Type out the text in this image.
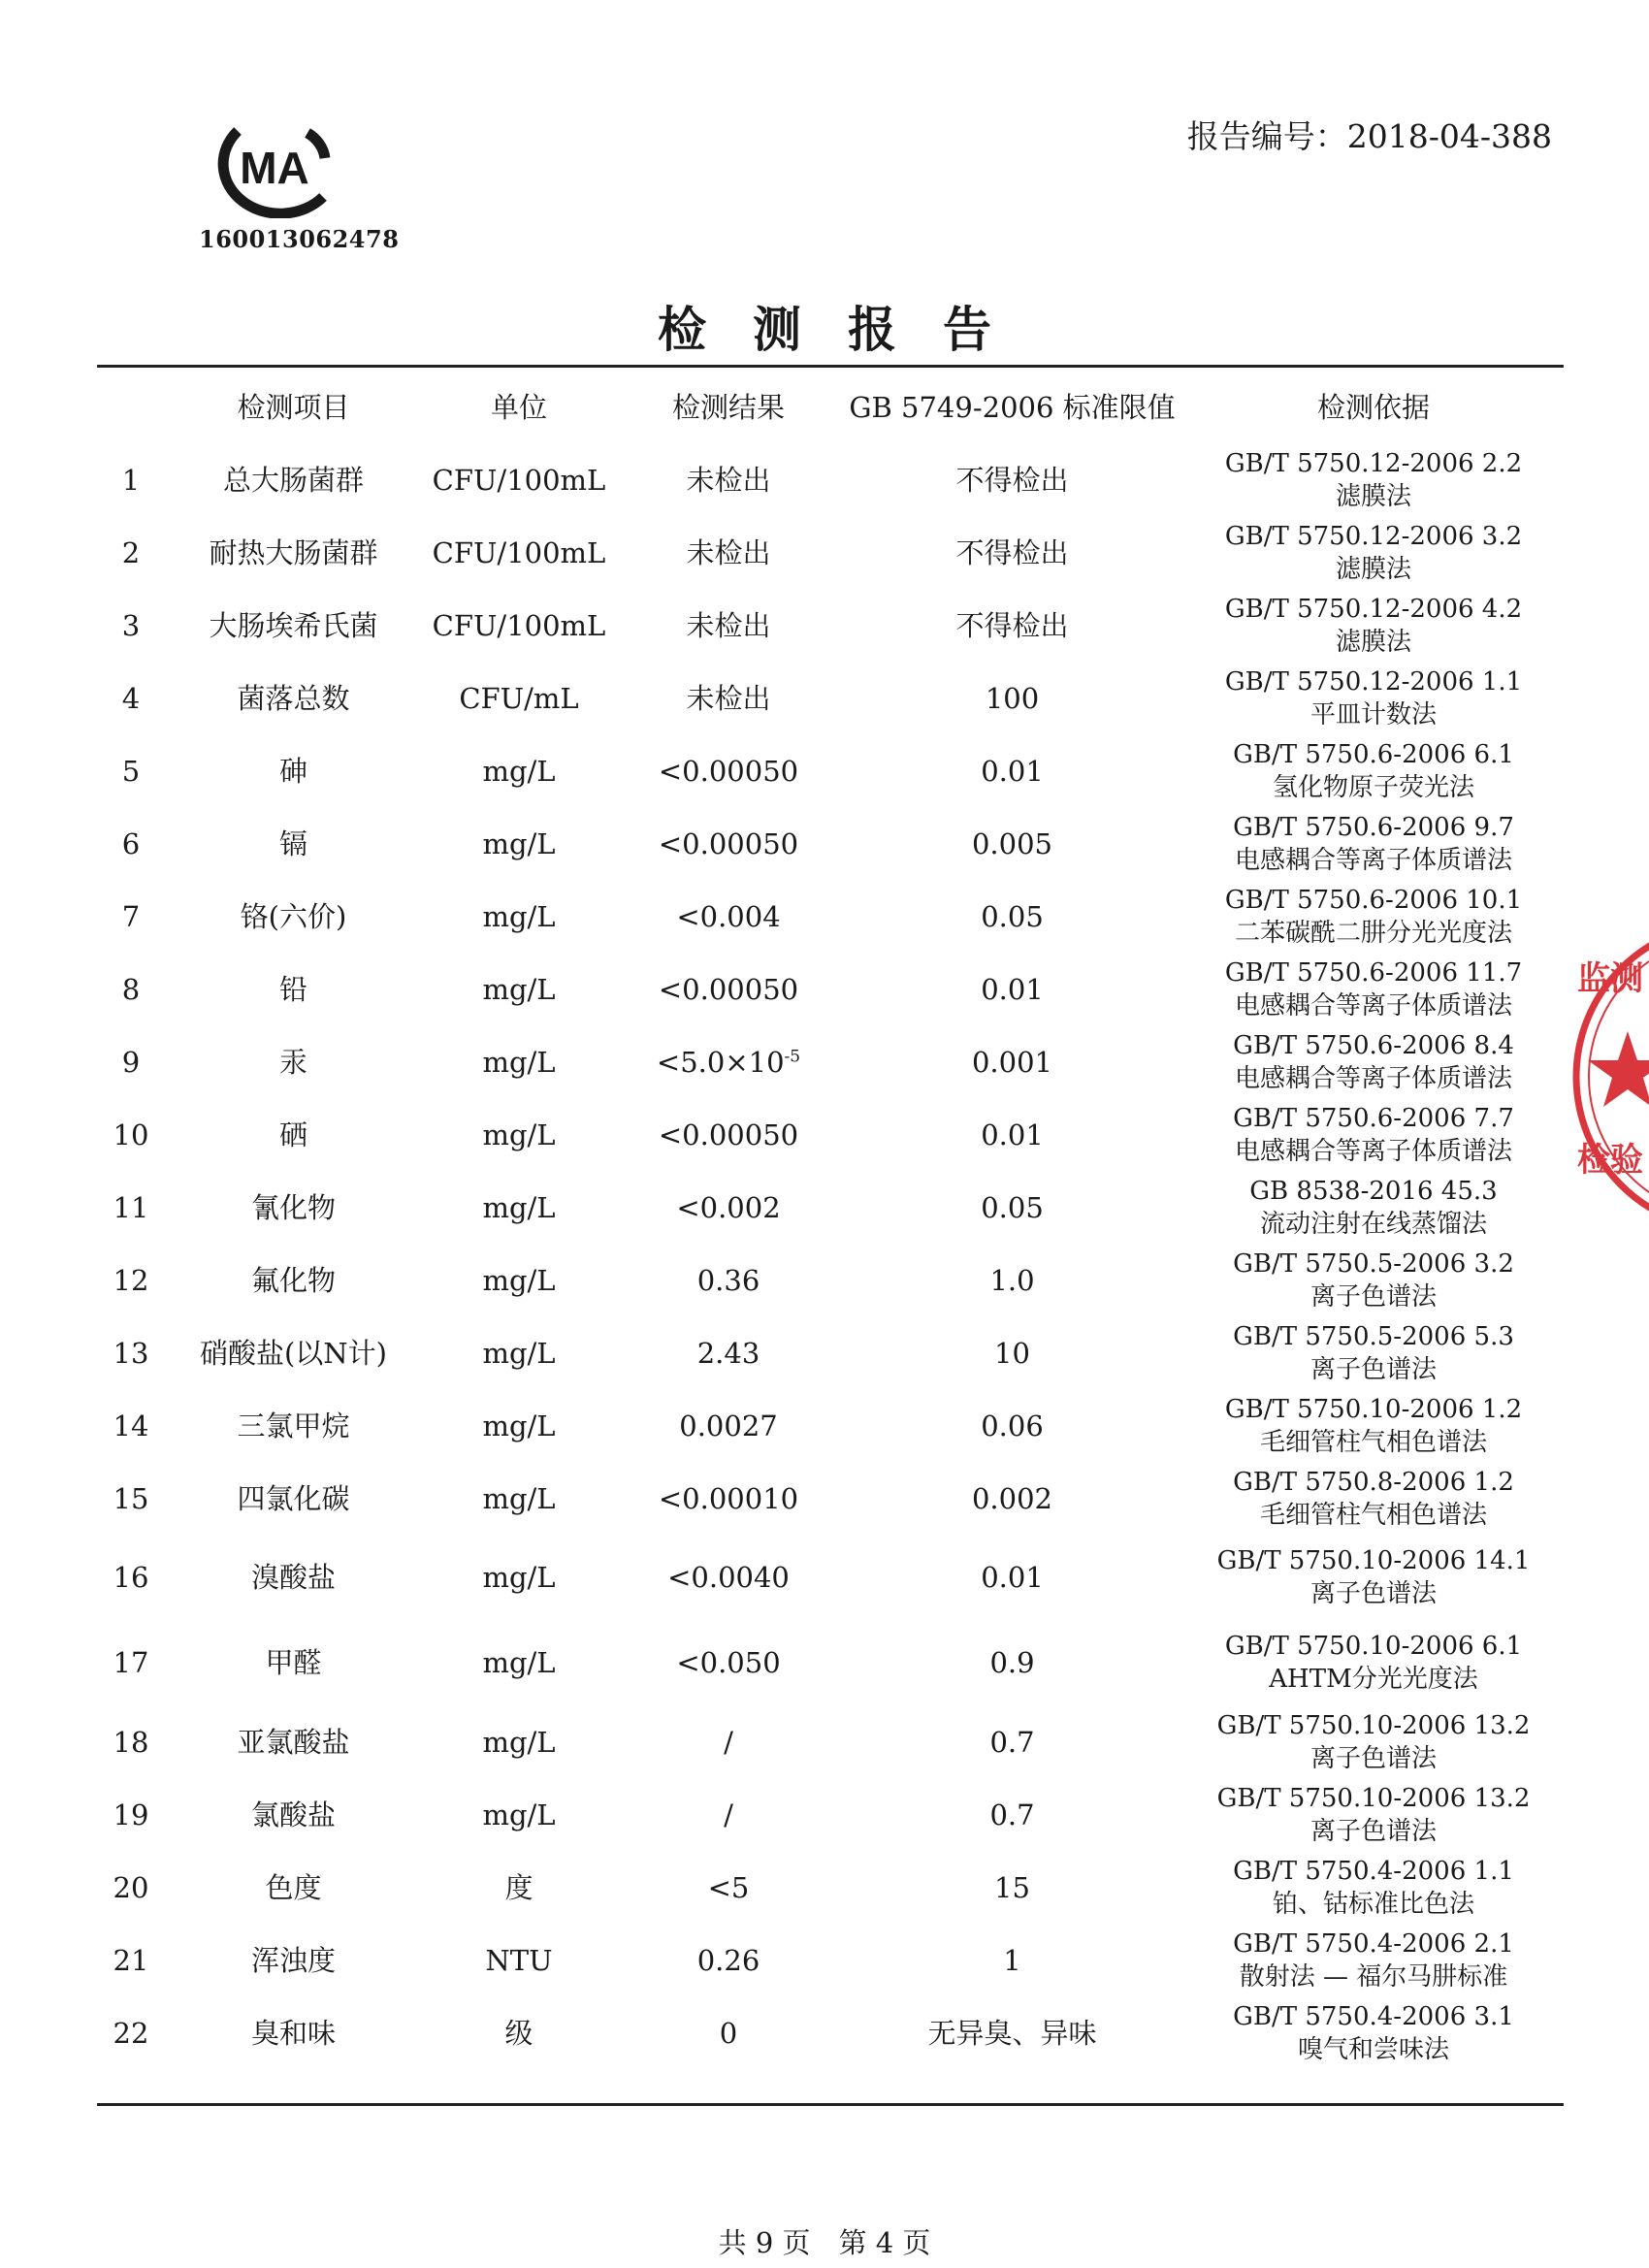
MA
160013062478
报告编号：2018-04-388
检测报告
	检测项目	单位	检测结果	GB 5749-2006 标准限值	检测依据
1	总大肠菌群	CFU/100mL	未检出	不得检出	GB/T 5750.12-2006 2.2
滤膜法

2	耐热大肠菌群	CFU/100mL	未检出	不得检出	GB/T 5750.12-2006 3.2
滤膜法

3	大肠埃希氏菌	CFU/100mL	未检出	不得检出	GB/T 5750.12-2006 4.2
滤膜法

4	菌落总数	CFU/mL	未检出	100	GB/T 5750.12-2006 1.1
平皿计数法

5	砷	mg/L	<0.00050	0.01	GB/T 5750.6-2006 6.1
氢化物原子荧光法

6	镉	mg/L	<0.00050	0.005	GB/T 5750.6-2006 9.7
电感耦合等离子体质谱法

7	铬(六价)	mg/L	<0.004	0.05	GB/T 5750.6-2006 10.1
二苯碳酰二肼分光光度法

8	铅	mg/L	<0.00050	0.01	GB/T 5750.6-2006 11.7
电感耦合等离子体质谱法

9	汞	mg/L	$<5.0\times 10^{-5}$	0.001	GB/T 5750.6-2006 8.4
电感耦合等离子体质谱法

10	硒	mg/L	<0.00050	0.01	GB/T 5750.6-2006 7.7
电感耦合等离子体质谱法

11	氰化物	mg/L	<0.002	0.05	GB 8538-2016 45.3
流动注射在线蒸馏法

12	氟化物	mg/L	0.36	1.0	GB/T 5750.5-2006 3.2
离子色谱法

13	硝酸盐(以N计)	mg/L	2.43	10	GB/T 5750.5-2006 5.3
离子色谱法

14	三氯甲烷	mg/L	0.0027	0.06	GB/T 5750.10-2006 1.2
毛细管柱气相色谱法

15	四氯化碳	mg/L	<0.00010	0.002	GB/T 5750.8-2006 1.2
毛细管柱气相色谱法

16	溴酸盐	mg/L	<0.0040	0.01	GB/T 5750.10-2006 14.1
离子色谱法

17	甲醛	mg/L	<0.050	0.9	GB/T 5750.10-2006 6.1
AHTM分光光度法

18	亚氯酸盐	mg/L	/	0.7	GB/T 5750.10-2006 13.2
离子色谱法

19	氯酸盐	mg/L	/	0.7	GB/T 5750.10-2006 13.2
离子色谱法

20	色度	度	<5	15	GB/T 5750.4-2006 1.1
铂、钴标准比色法

21	浑浊度	NTU	0.26	1	GB/T 5750.4-2006 2.1
散射法 — 福尔马肼标准

22	臭和味	级	0	无异臭、异味	GB/T 5750.4-2006 3.1
嗅气和尝味法
监测
检验
共 9 页　第 4 页
